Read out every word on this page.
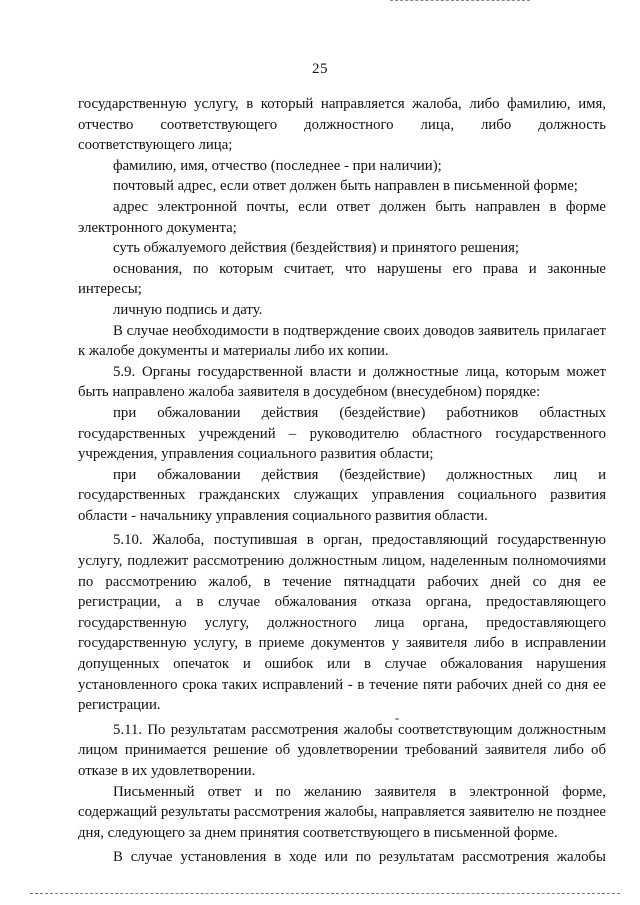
25

государственную услугу, в который направляется жалоба, либо фамилию, имя, отчество соответствующего должностного лица, либо должность соответствующего лица;

фамилию, имя, отчество (последнее - при наличии);

почтовый адрес, если ответ должен быть направлен в письменной форме;

адрес электронной почты, если ответ должен быть направлен в форме электронного документа;

суть обжалуемого действия (бездействия) и принятого решения;

основания, по которым считает, что нарушены его права и законные интересы;

личную подпись и дату.

В случае необходимости в подтверждение своих доводов заявитель прилагает к жалобе документы и материалы либо их копии.

5.9. Органы государственной власти и должностные лица, которым может быть направлено жалоба заявителя в досудебном (внесудебном) порядке:

при обжаловании действия (бездействие) работников областных государственных учреждений – руководителю областного государственного учреждения, управления социального развития области;

при обжаловании действия (бездействие) должностных лиц и государственных гражданских служащих управления социального развития области - начальнику управления социального развития области.

5.10. Жалоба, поступившая в орган, предоставляющий государственную услугу, подлежит рассмотрению должностным лицом, наделенным полномочиями по рассмотрению жалоб, в течение пятнадцати рабочих дней со дня ее регистрации, а в случае обжалования отказа органа, предоставляющего государственную услугу, должностного лица органа, предоставляющего государственную услугу, в приеме документов у заявителя либо в исправлении допущенных опечаток и ошибок или в случае обжалования нарушения установленного срока таких исправлений - в течение пяти рабочих дней со дня ее регистрации.

5.11. По результатам рассмотрения жалобы соответствующим должностным лицом принимается решение об удовлетворении требований заявителя либо об отказе в их удовлетворении.

Письменный ответ и по желанию заявителя в электронной форме, содержащий результаты рассмотрения жалобы, направляется заявителю не позднее дня, следующего за днем принятия соответствующего в письменной форме.

В случае установления в ходе или по результатам рассмотрения жалобы
